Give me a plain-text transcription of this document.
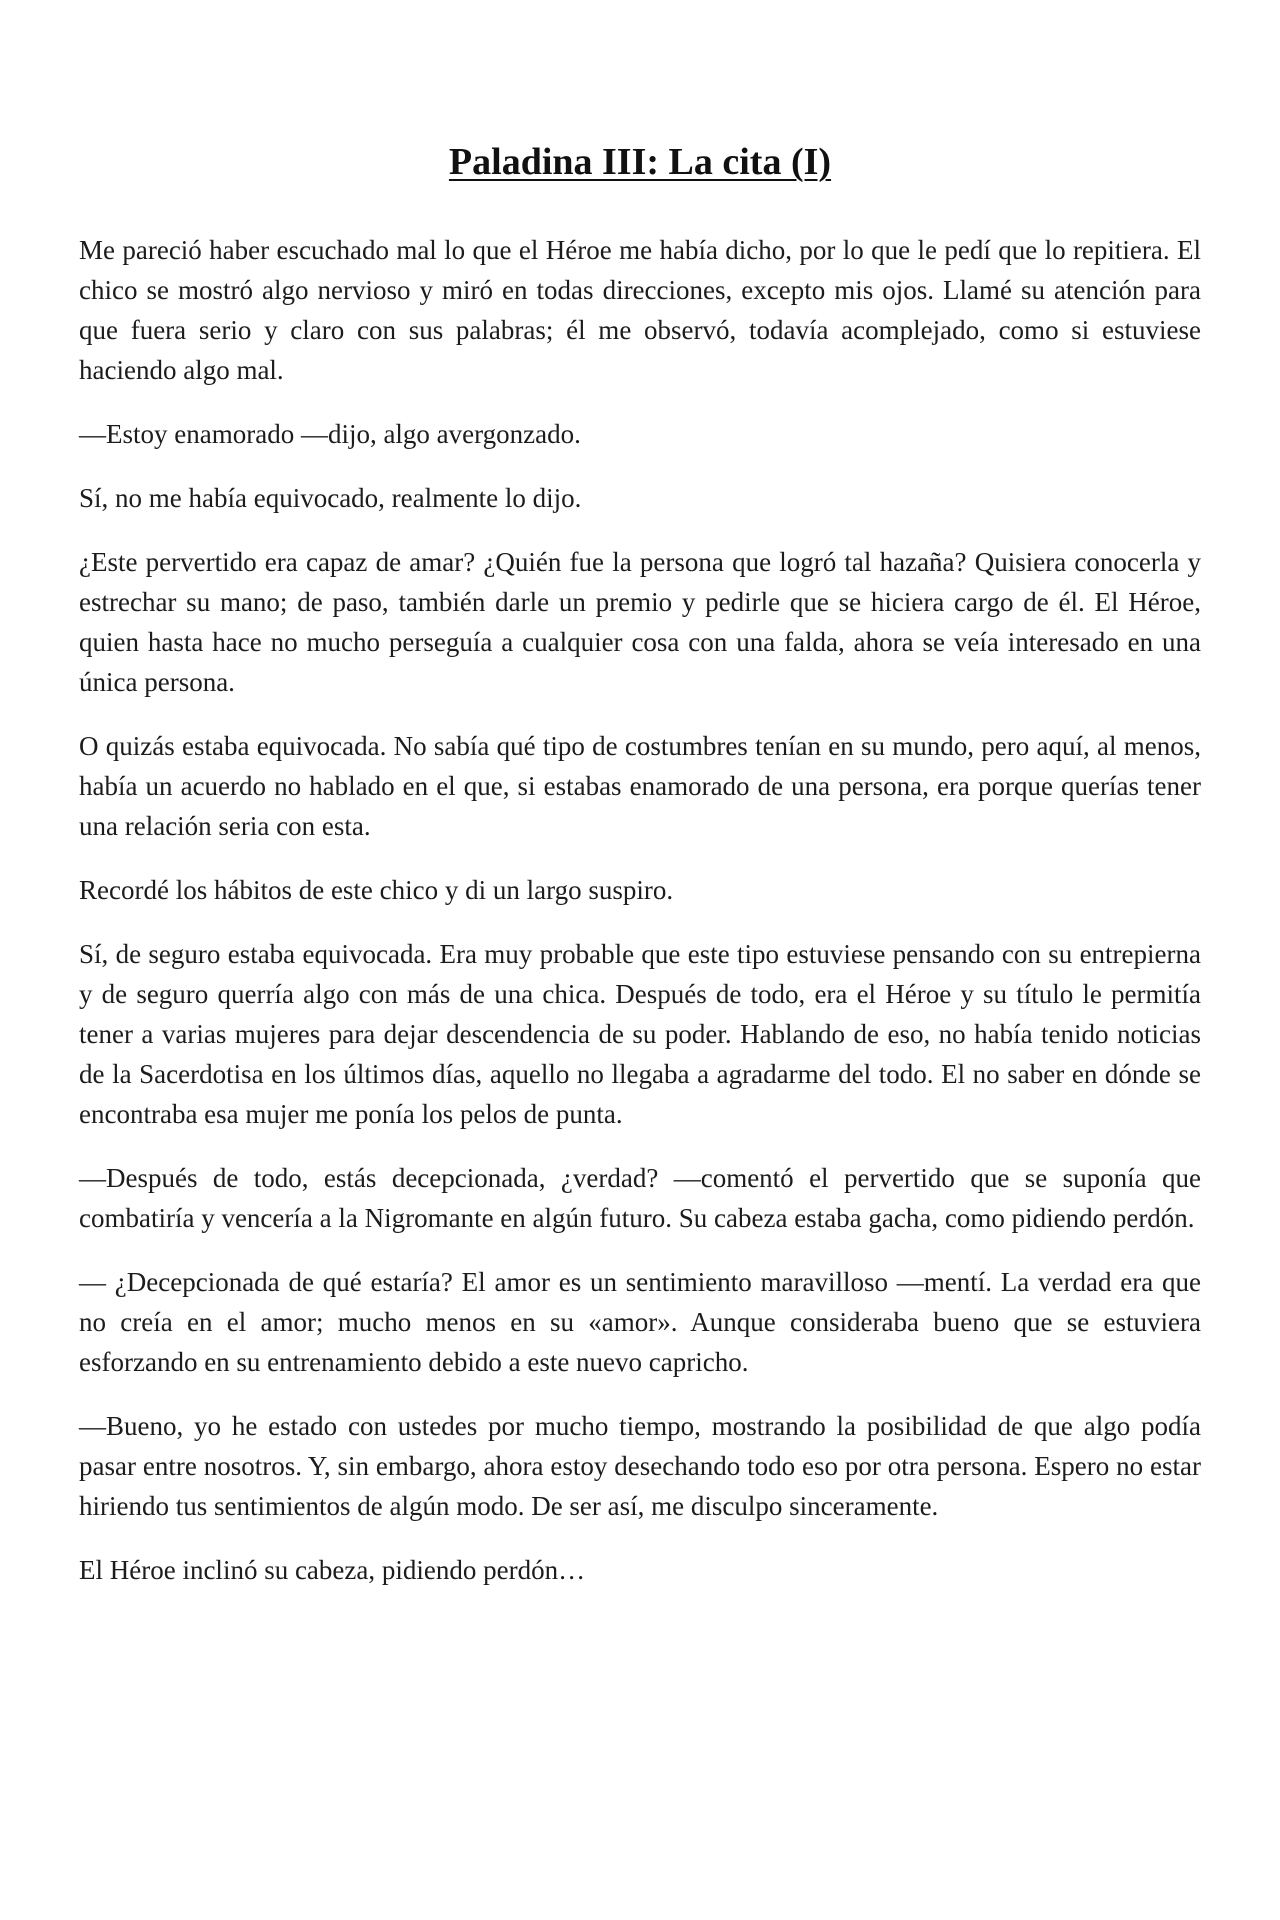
Paladina III: La cita (I)

Me pareció haber escuchado mal lo que el Héroe me había dicho, por lo que le pedí que lo repitiera. El chico se mostró algo nervioso y miró en todas direcciones, excepto mis ojos. Llamé su atención para que fuera serio y claro con sus palabras; él me observó, todavía acomplejado, como si estuviese haciendo algo mal.

—Estoy enamorado —dijo, algo avergonzado.

Sí, no me había equivocado, realmente lo dijo.

¿Este pervertido era capaz de amar? ¿Quién fue la persona que logró tal hazaña? Quisiera conocerla y estrechar su mano; de paso, también darle un premio y pedirle que se hiciera cargo de él. El Héroe, quien hasta hace no mucho perseguía a cualquier cosa con una falda, ahora se veía interesado en una única persona.

O quizás estaba equivocada. No sabía qué tipo de costumbres tenían en su mundo, pero aquí, al menos, había un acuerdo no hablado en el que, si estabas enamorado de una persona, era porque querías tener una relación seria con esta.

Recordé los hábitos de este chico y di un largo suspiro.

Sí, de seguro estaba equivocada. Era muy probable que este tipo estuviese pensando con su entrepierna y de seguro querría algo con más de una chica. Después de todo, era el Héroe y su título le permitía tener a varias mujeres para dejar descendencia de su poder. Hablando de eso, no había tenido noticias de la Sacerdotisa en los últimos días, aquello no llegaba a agradarme del todo. El no saber en dónde se encontraba esa mujer me ponía los pelos de punta.

—Después de todo, estás decepcionada, ¿verdad? —comentó el pervertido que se suponía que combatiría y vencería a la Nigromante en algún futuro. Su cabeza estaba gacha, como pidiendo perdón.

— ¿Decepcionada de qué estaría? El amor es un sentimiento maravilloso —mentí. La verdad era que no creía en el amor; mucho menos en su «amor». Aunque consideraba bueno que se estuviera esforzando en su entrenamiento debido a este nuevo capricho.

—Bueno, yo he estado con ustedes por mucho tiempo, mostrando la posibilidad de que algo podía pasar entre nosotros. Y, sin embargo, ahora estoy desechando todo eso por otra persona. Espero no estar hiriendo tus sentimientos de algún modo. De ser así, me disculpo sinceramente.

El Héroe inclinó su cabeza, pidiendo perdón…
